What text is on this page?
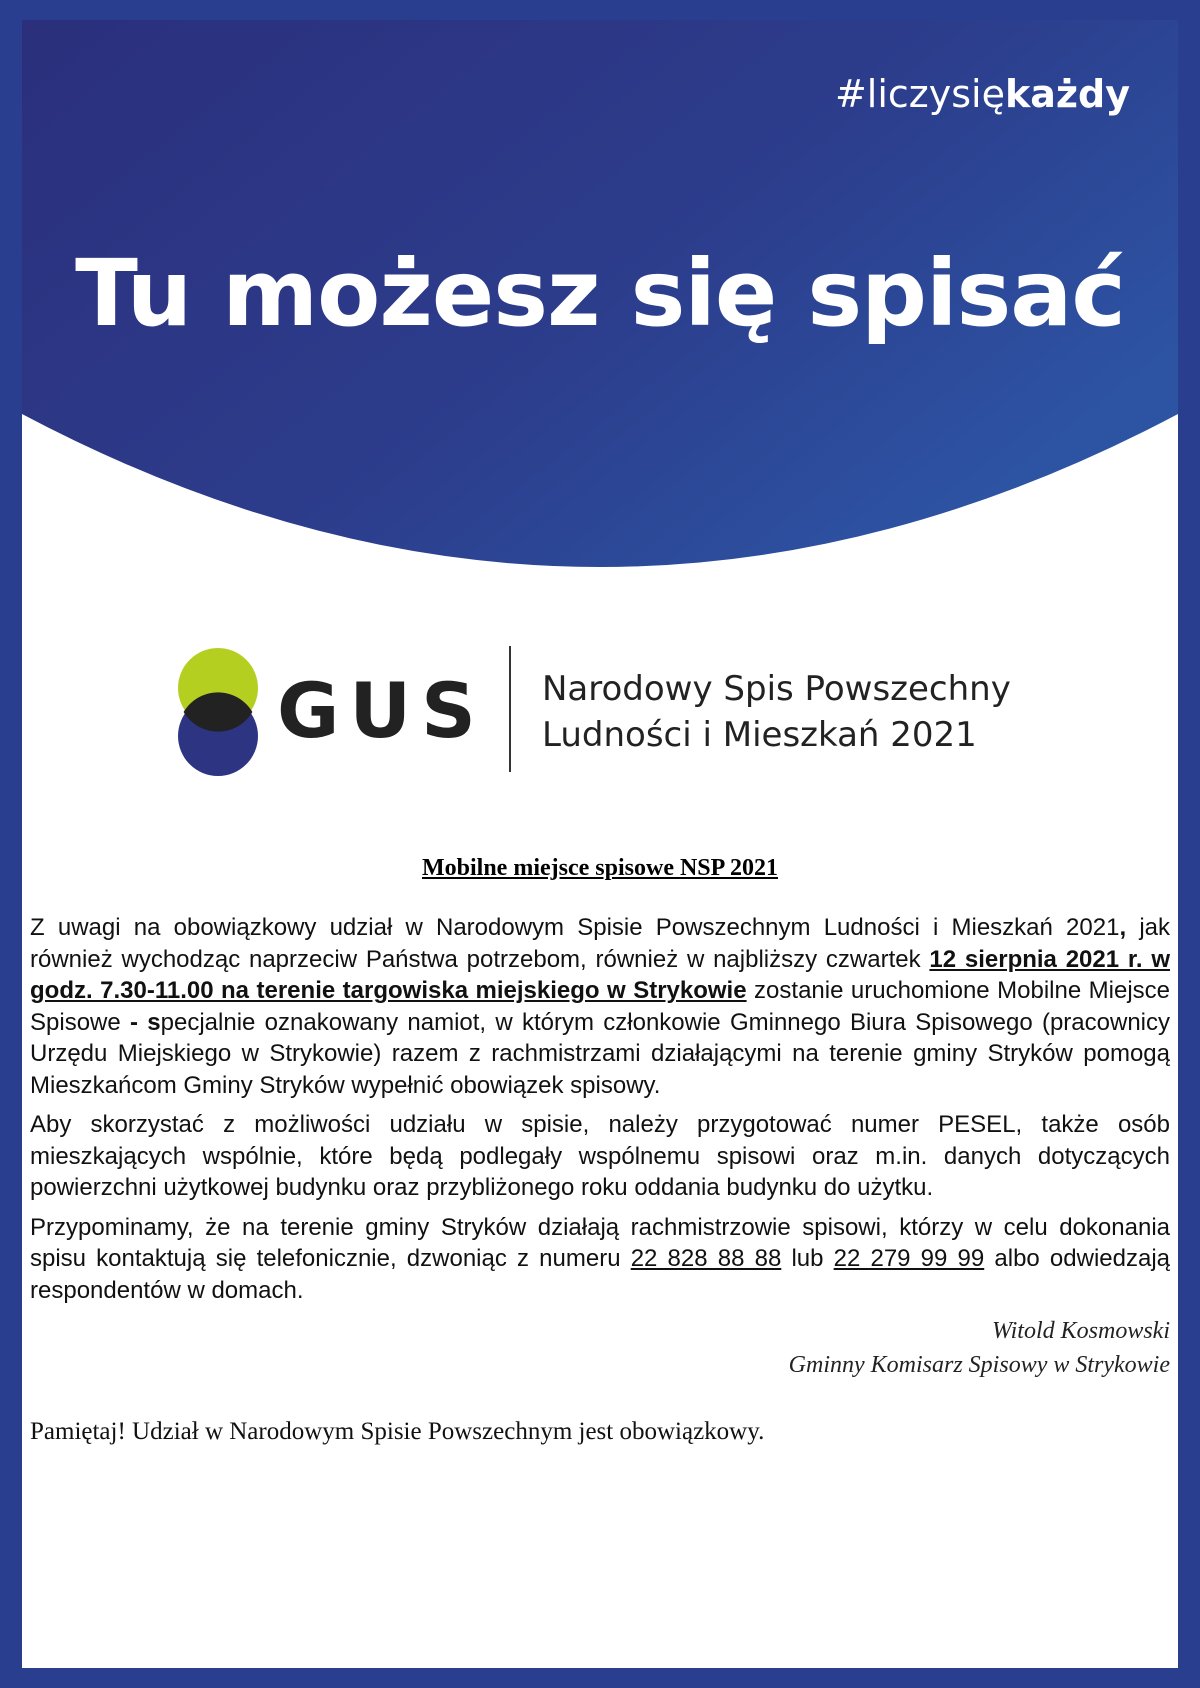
#liczysiękażdy
Tu możesz się spisać
GUS Narodowy Spis Powszechny
Ludności i Mieszkań 2021
Mobilne miejsce spisowe NSP 2021

Z uwagi na obowiązkowy udział w Narodowym Spisie Powszechnym Ludności i Mieszkań 2021, jak również wychodząc naprzeciw Państwa potrzebom, również w najbliższy czwartek 12 sierpnia 2021 r. w godz. 7.30-11.00 na terenie targowiska miejskiego w Strykowie zostanie uruchomione Mobilne Miejsce Spisowe - specjalnie oznakowany namiot, w którym członkowie Gminnego Biura Spisowego (pracownicy Urzędu Miejskiego w Strykowie) razem z rachmistrzami działającymi na terenie gminy Stryków pomogą Mieszkańcom Gminy Stryków wypełnić obowiązek spisowy.

Aby skorzystać z możliwości udziału w spisie, należy przygotować numer PESEL, także osób mieszkających wspólnie, które będą podlegały wspólnemu spisowi oraz m.in. danych dotyczących powierzchni użytkowej budynku oraz przybliżonego roku oddania budynku do użytku.

Przypominamy, że na terenie gminy Stryków działają rachmistrzowie spisowi, którzy w celu dokonania spisu kontaktują się telefonicznie, dzwoniąc z numeru 22 828 88 88 lub 22 279 99 99 albo odwiedzają respondentów w domach.

Witold Kosmowski
Gminny Komisarz Spisowy w Strykowie
Pamiętaj! Udział w Narodowym Spisie Powszechnym jest obowiązkowy.
